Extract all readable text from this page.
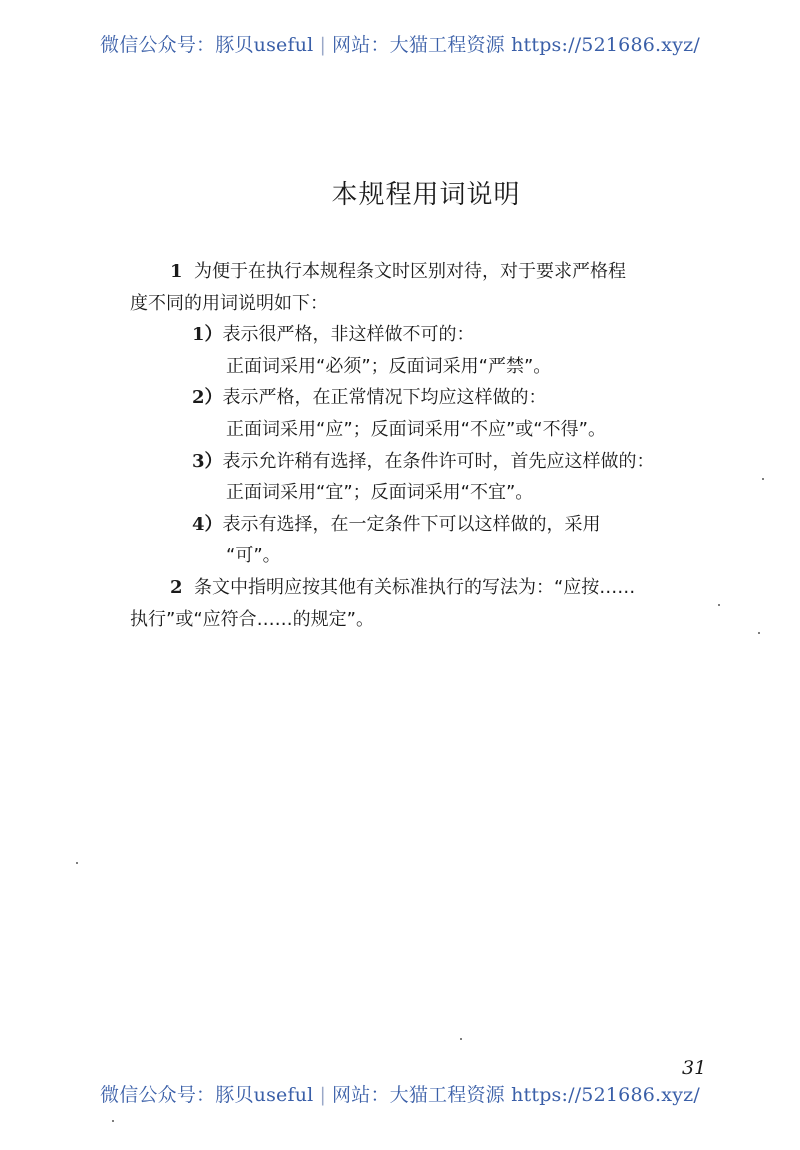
微信公众号：豚贝useful | 网站：大猫工程资源 https://521686.xyz/
本规程用词说明

1 为便于在执行本规程条文时区别对待，对于要求严格程

度不同的用词说明如下：

1）表示很严格，非这样做不可的：

正面词采用“必须”；反面词采用“严禁”。

2）表示严格，在正常情况下均应这样做的：

正面词采用“应”；反面词采用“不应”或“不得”。

3）表示允许稍有选择，在条件许可时，首先应这样做的：

正面词采用“宜”；反面词采用“不宜”。

4）表示有选择，在一定条件下可以这样做的，采用

“可”。

2 条文中指明应按其他有关标准执行的写法为：“应按……

执行”或“应符合……的规定”。

31
微信公众号：豚贝useful | 网站：大猫工程资源 https://521686.xyz/
